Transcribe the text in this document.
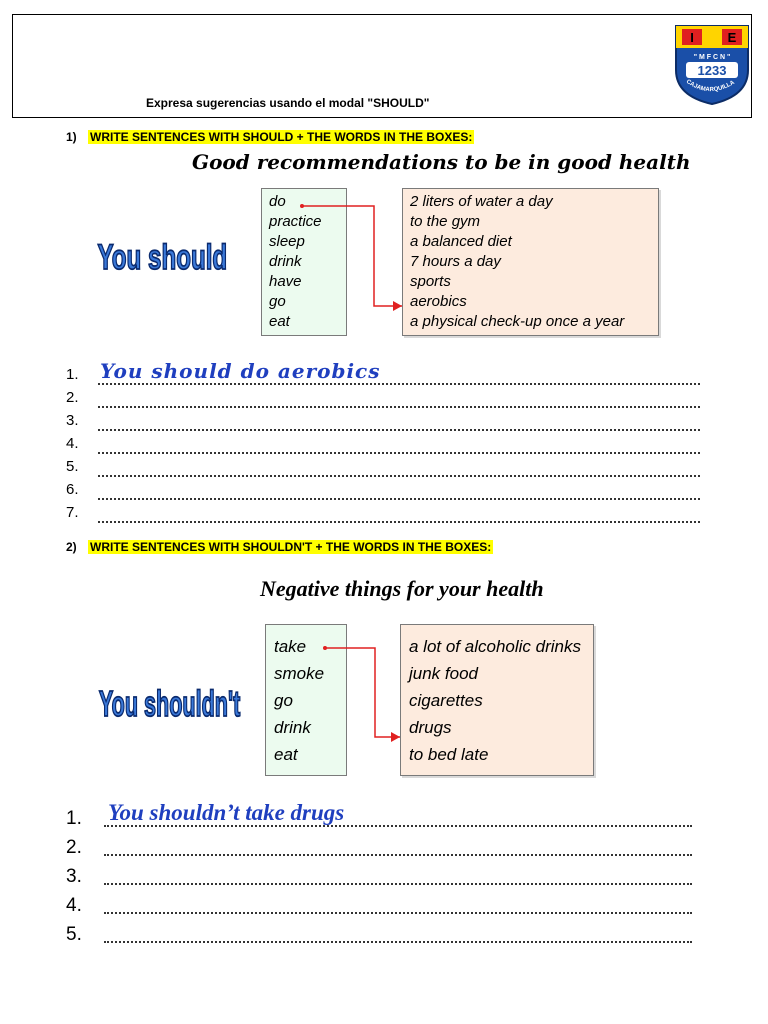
Expresa sugerencias usando el modal "SHOULD"
I	E
" M F C N "
1233
CAJAMARQUILLA
1) WRITE SENTENCES WITH SHOULD + THE WORDS IN THE BOXES:
Good recommendations to be in good health
You should
do
practice
sleep
drink
have
go
eat
2 liters of water a day
to the gym
a balanced diet
7 hours a day
sports
aerobics
a physical check-up once a year
1.
2.
3.
4.
5.
6.
7.
You should do aerobics
2) WRITE SENTENCES WITH SHOULDN'T + THE WORDS IN THE BOXES:
Negative things for your health
You shouldn't
take
smoke
go
drink
eat
a lot of alcoholic drinks
junk food
cigarettes
drugs
to bed late
1.
2.
3.
4.
5.
You shouldn’t take drugs
